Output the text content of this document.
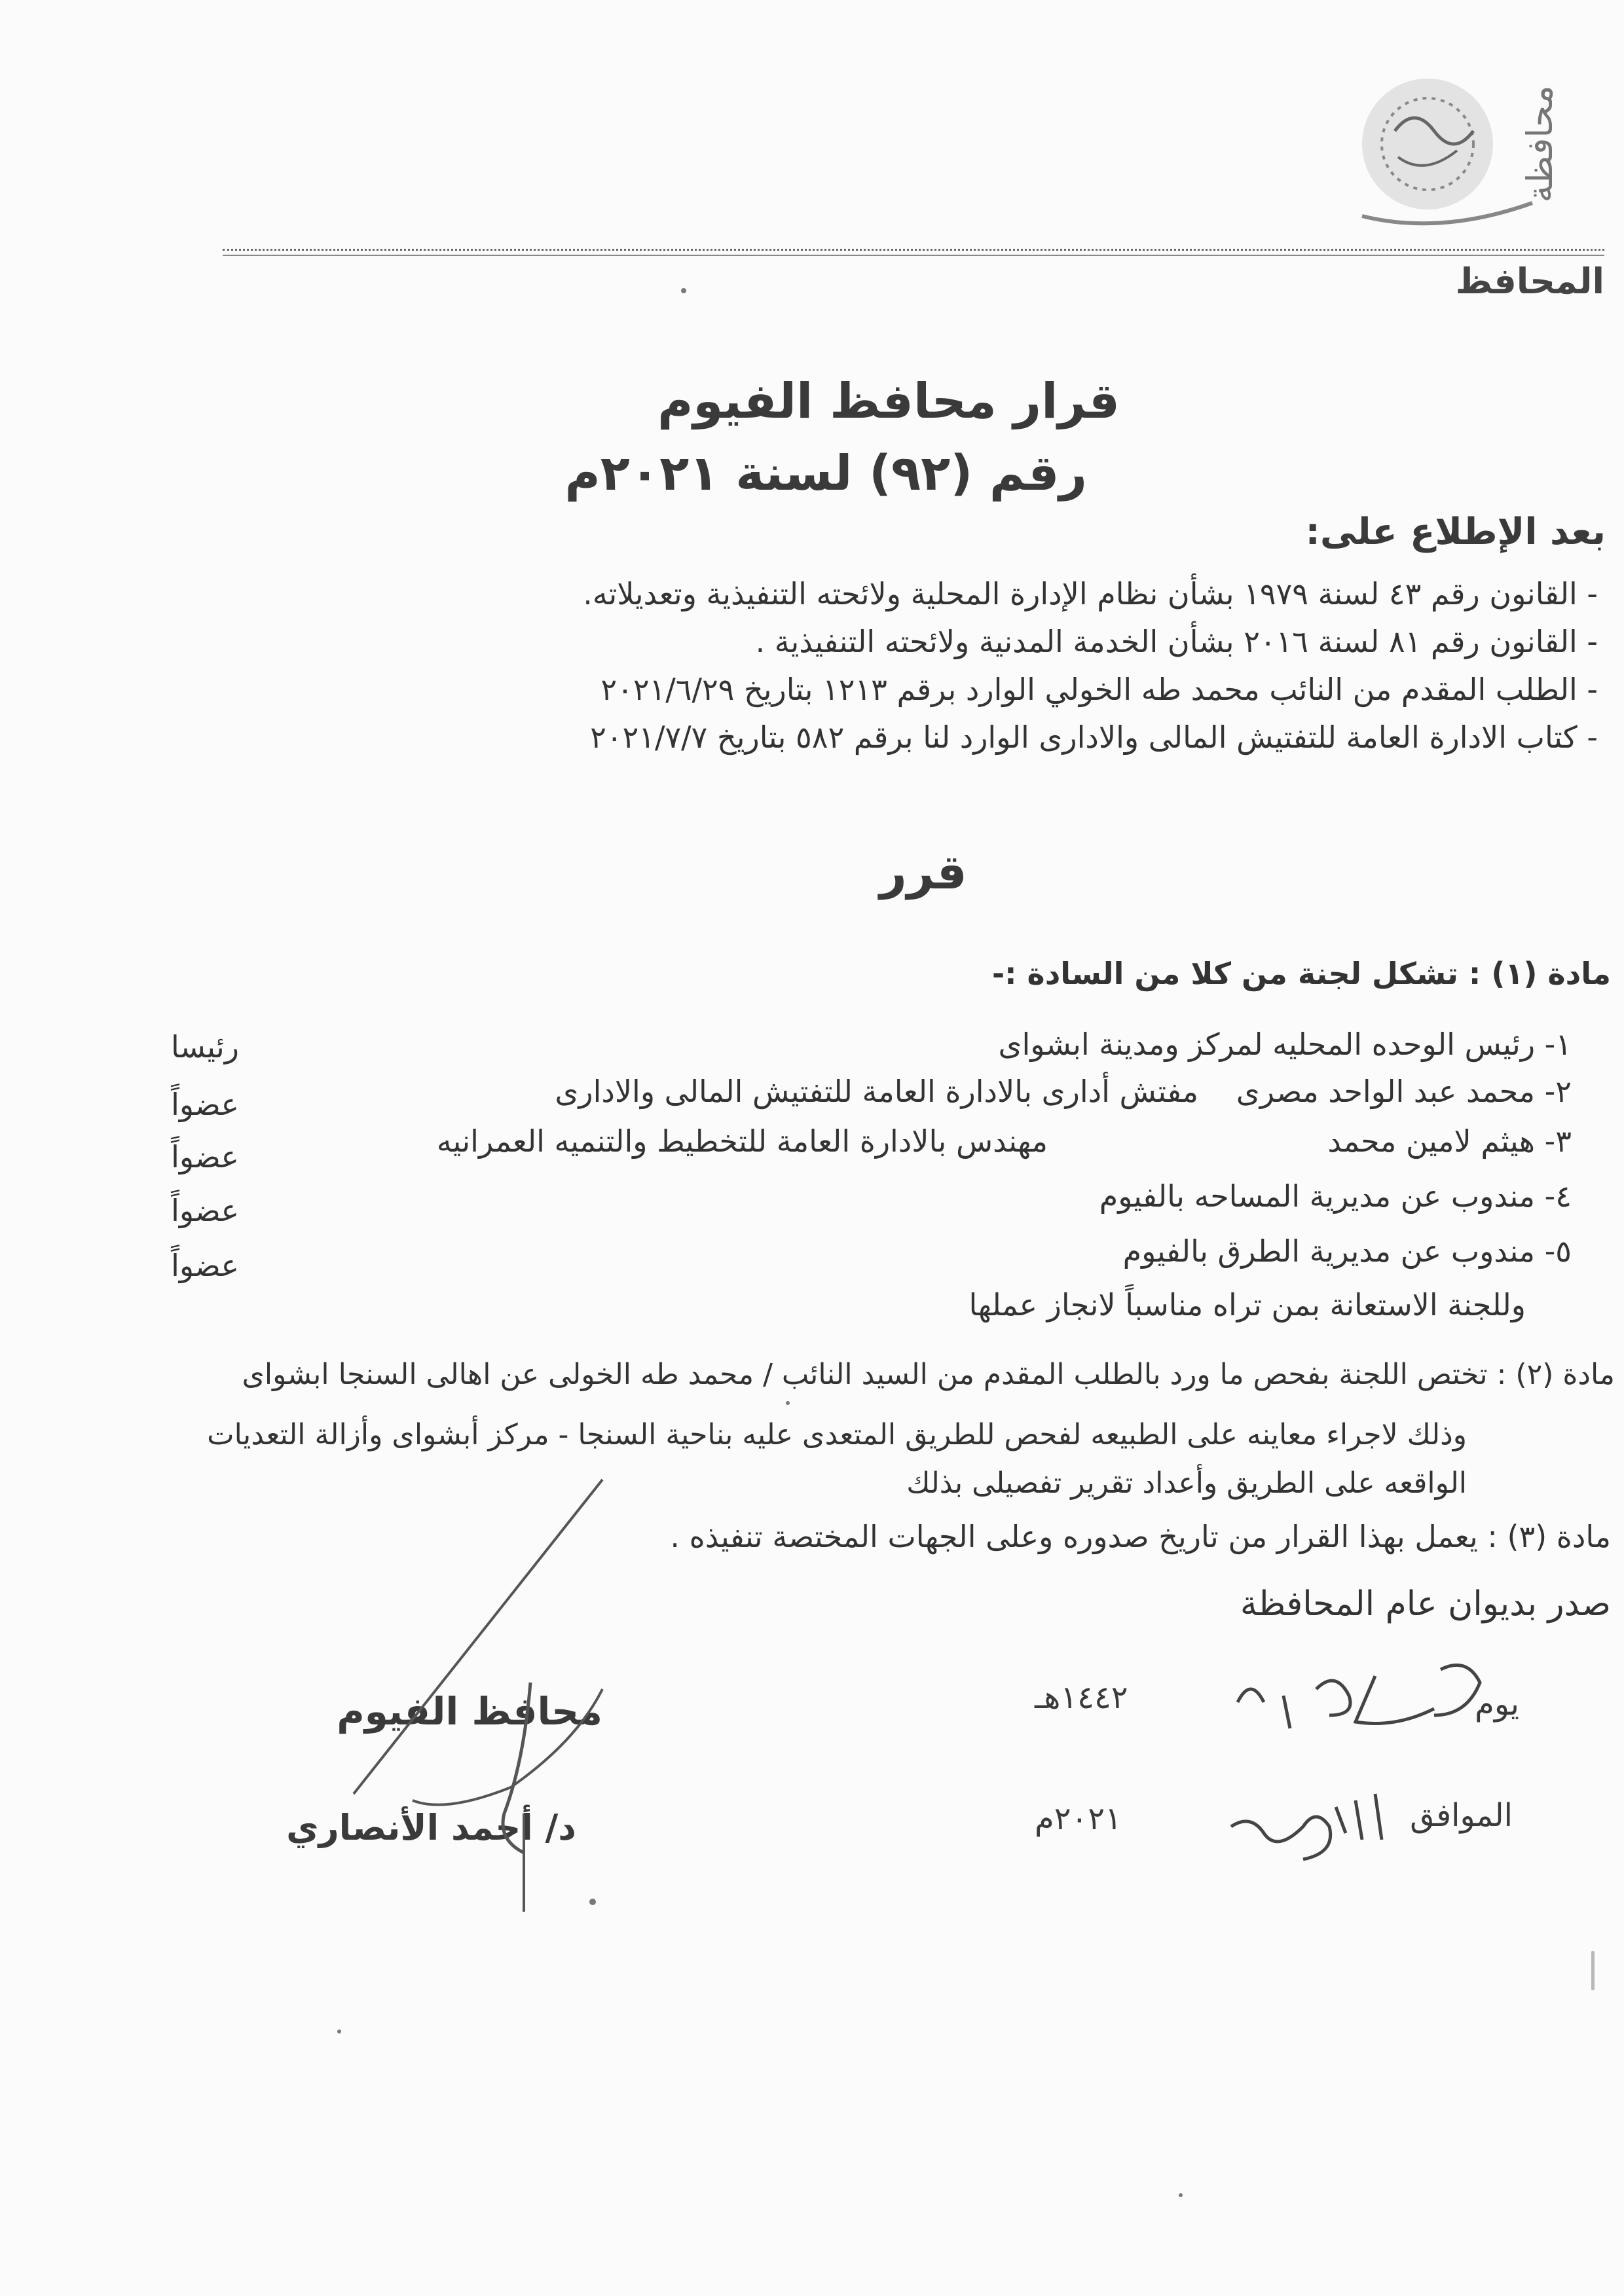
محافظة
المحافظ
قرار محافظ الفيوم
رقم (٩٢) لسنة ٢٠٢١م
بعد الإطلاع على:
- القانون رقم ٤٣ لسنة ١٩٧٩ بشأن نظام الإدارة المحلية ولائحته التنفيذية وتعديلاته.
- القانون رقم ٨١ لسنة ٢٠١٦ بشأن الخدمة المدنية ولائحته التنفيذية .
- الطلب المقدم من النائب محمد طه الخولي الوارد برقم ١٢١٣ بتاريخ ٢٠٢١/٦/٢٩
- كتاب الادارة العامة للتفتيش المالى والادارى الوارد لنا برقم ٥٨٢ بتاريخ ٢٠٢١/٧/٧
قرر
مادة (١) : تشكل لجنة من كلا من السادة :-
١- رئيس الوحده المحليه لمركز ومدينة ابشواى
رئيسا
٢- محمد عبد الواحد مصرى
مفتش أدارى بالادارة العامة للتفتيش المالى والادارى
عضواً
٣- هيثم لامين محمد
مهندس بالادارة العامة للتخطيط والتنميه العمرانيه
عضواً
٤- مندوب عن مديرية المساحه بالفيوم
عضواً
٥- مندوب عن مديرية الطرق بالفيوم
عضواً
وللجنة الاستعانة بمن تراه مناسباً لانجاز عملها
مادة (٢) : تختص اللجنة بفحص ما ورد بالطلب المقدم من السيد النائب / محمد طه الخولى عن اهالى السنجا ابشواى
وذلك لاجراء معاينه على الطبيعه لفحص للطريق المتعدى عليه بناحية السنجا - مركز أبشواى وأزالة التعديات
الواقعه على الطريق وأعداد تقرير تفصيلى بذلك
مادة (٣) : يعمل بهذا القرار من تاريخ صدوره وعلى الجهات المختصة تنفيذه .
صدر بديوان عام المحافظة
يوم
١٤٤٢هـ
الموافق
٢٠٢١م
محافظ الفيوم
د/ أحمد الأنصاري
